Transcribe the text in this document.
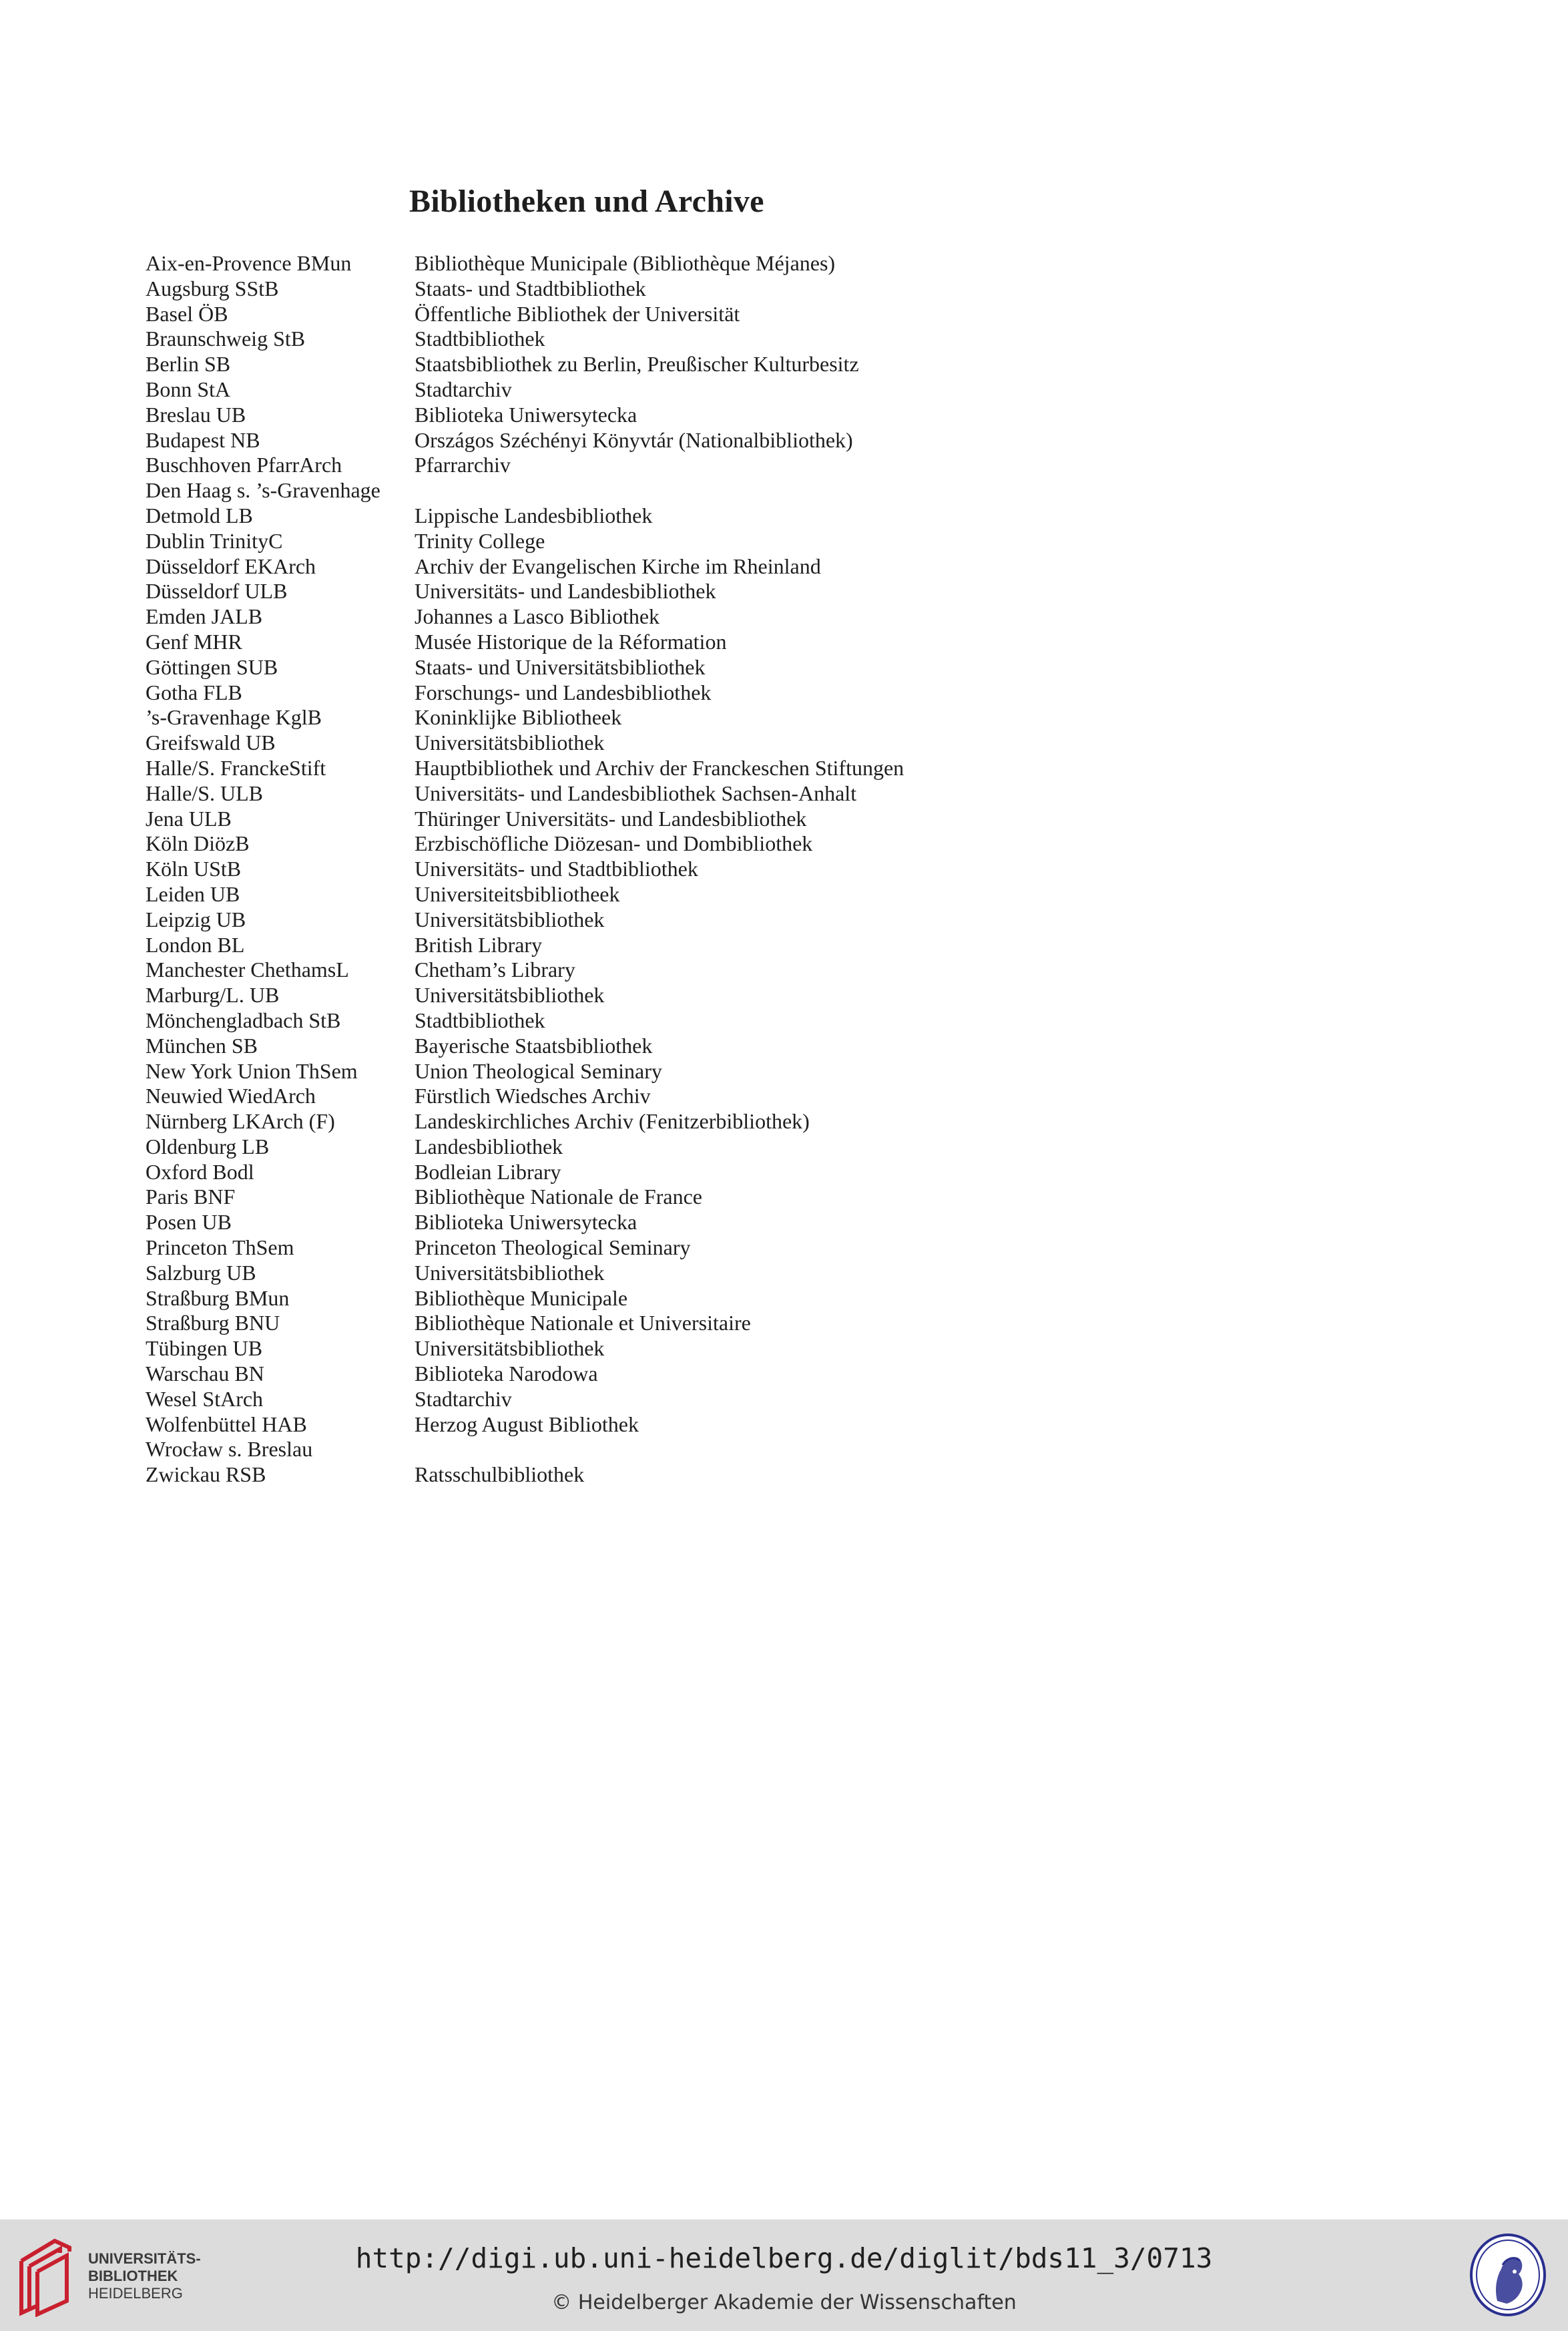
Bibliotheken und Archive
Aix-en-Provence BMun	Bibliothèque Municipale (Bibliothèque Méjanes)
Augsburg SStB	Staats- und Stadtbibliothek
Basel ÖB	Öffentliche Bibliothek der Universität
Braunschweig StB	Stadtbibliothek
Berlin SB	Staatsbibliothek zu Berlin, Preußischer Kulturbesitz
Bonn StA	Stadtarchiv
Breslau UB	Biblioteka Uniwersytecka
Budapest NB	Országos Széchényi Könyvtár (Nationalbibliothek)
Buschhoven PfarrArch	Pfarrarchiv
Den Haag s. ’s-Gravenhage
Detmold LB	Lippische Landesbibliothek
Dublin TrinityC	Trinity College
Düsseldorf EKArch	Archiv der Evangelischen Kirche im Rheinland
Düsseldorf ULB	Universitäts- und Landesbibliothek
Emden JALB	Johannes a Lasco Bibliothek
Genf MHR	Musée Historique de la Réformation
Göttingen SUB	Staats- und Universitätsbibliothek
Gotha FLB	Forschungs- und Landesbibliothek
’s-Gravenhage KglB	Koninklijke Bibliotheek
Greifswald UB	Universitätsbibliothek
Halle/S. FranckeStift	Hauptbibliothek und Archiv der Franckeschen Stiftungen
Halle/S. ULB	Universitäts- und Landesbibliothek Sachsen-Anhalt
Jena ULB	Thüringer Universitäts- und Landesbibliothek
Köln DiözB	Erzbischöfliche Diözesan- und Dombibliothek
Köln UStB	Universitäts- und Stadtbibliothek
Leiden UB	Universiteitsbibliotheek
Leipzig UB	Universitätsbibliothek
London BL	British Library
Manchester ChethamsL	Chetham’s Library
Marburg/L. UB	Universitätsbibliothek
Mönchengladbach StB	Stadtbibliothek
München SB	Bayerische Staatsbibliothek
New York Union ThSem	Union Theological Seminary
Neuwied WiedArch	Fürstlich Wiedsches Archiv
Nürnberg LKArch (F)	Landeskirchliches Archiv (Fenitzerbibliothek)
Oldenburg LB	Landesbibliothek
Oxford Bodl	Bodleian Library
Paris BNF	Bibliothèque Nationale de France
Posen UB	Biblioteka Uniwersytecka
Princeton ThSem	Princeton Theological Seminary
Salzburg UB	Universitätsbibliothek
Straßburg BMun	Bibliothèque Municipale
Straßburg BNU	Bibliothèque Nationale et Universitaire
Tübingen UB	Universitätsbibliothek
Warschau BN	Biblioteka Narodowa
Wesel StArch	Stadtarchiv
Wolfenbüttel HAB	Herzog August Bibliothek
Wrocław s. Breslau
Zwickau RSB	Ratsschulbibliothek
UNIVERSITÄTS-
BIBLIOTHEK
HEIDELBERG
http://digi.ub.uni-heidelberg.de/diglit/bds11_3/0713
© Heidelberger Akademie der Wissenschaften
